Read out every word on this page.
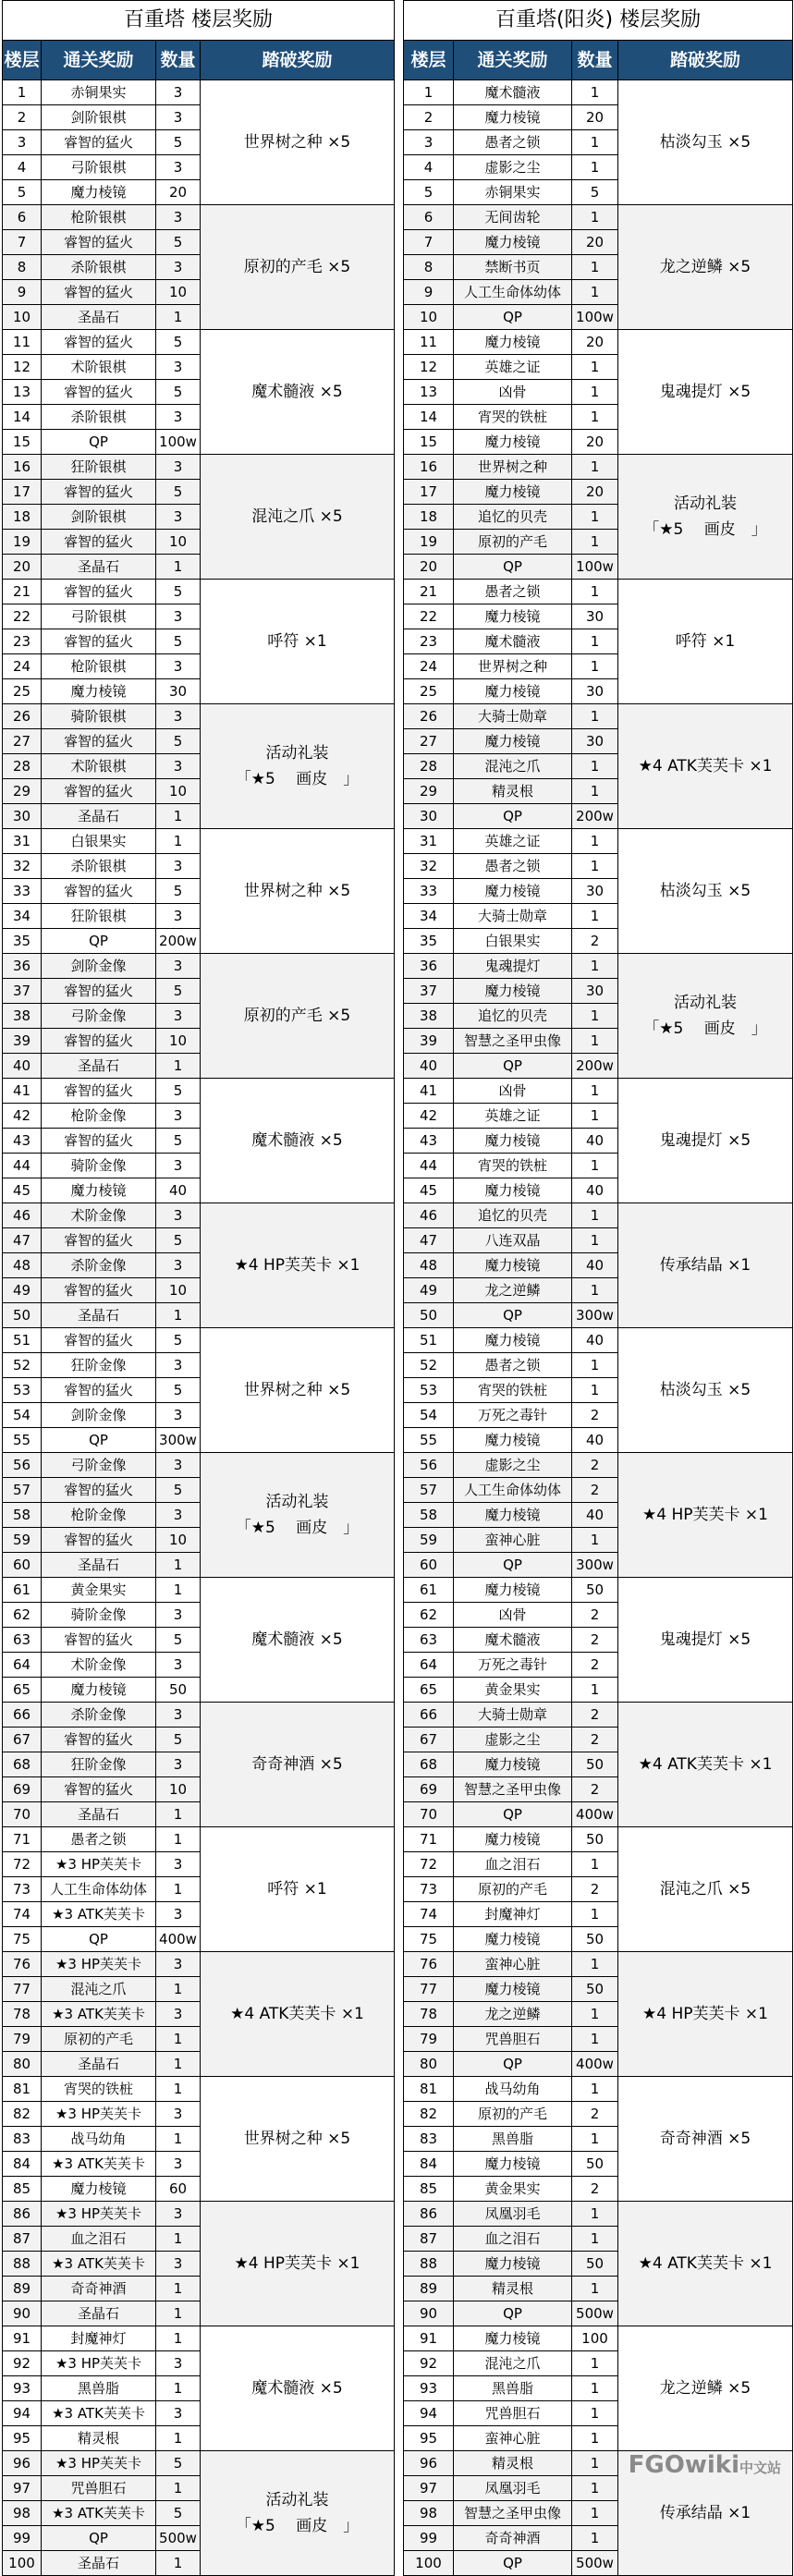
百重塔 楼层奖励			
楼层	通关奖励	数量	踏破奖励
1	赤铜果实	3	世界树之种 ×5

2	剑阶银棋	3	
3	睿智的猛火	5	
4	弓阶银棋	3	
5	魔力棱镜	20	
6	枪阶银棋	3	原初的产毛 ×5

7	睿智的猛火	5	
8	杀阶银棋	3	
9	睿智的猛火	10	
10	圣晶石	1	
11	睿智的猛火	5	魔术髓液 ×5

12	术阶银棋	3	
13	睿智的猛火	5	
14	杀阶银棋	3	
15	QP	100w	
16	狂阶银棋	3	混沌之爪 ×5

17	睿智的猛火	5	
18	剑阶银棋	3	
19	睿智的猛火	10	
20	圣晶石	1	
21	睿智的猛火	5	呼符 ×1

22	弓阶银棋	3	
23	睿智的猛火	5	
24	枪阶银棋	3	
25	魔力棱镜	30	
26	骑阶银棋	3	活动礼装
「★5　 画皮　」

27	睿智的猛火	5	
28	术阶银棋	3	
29	睿智的猛火	10	
30	圣晶石	1	
31	白银果实	1	世界树之种 ×5

32	杀阶银棋	3	
33	睿智的猛火	5	
34	狂阶银棋	3	
35	QP	200w	
36	剑阶金像	3	原初的产毛 ×5

37	睿智的猛火	5	
38	弓阶金像	3	
39	睿智的猛火	10	
40	圣晶石	1	
41	睿智的猛火	5	魔术髓液 ×5

42	枪阶金像	3	
43	睿智的猛火	5	
44	骑阶金像	3	
45	魔力棱镜	40	
46	术阶金像	3	★4 HP芙芙卡 ×1

47	睿智的猛火	5	
48	杀阶金像	3	
49	睿智的猛火	10	
50	圣晶石	1	
51	睿智的猛火	5	世界树之种 ×5

52	狂阶金像	3	
53	睿智的猛火	5	
54	剑阶金像	3	
55	QP	300w	
56	弓阶金像	3	活动礼装
「★5　 画皮　」

57	睿智的猛火	5	
58	枪阶金像	3	
59	睿智的猛火	10	
60	圣晶石	1	
61	黄金果实	1	魔术髓液 ×5

62	骑阶金像	3	
63	睿智的猛火	5	
64	术阶金像	3	
65	魔力棱镜	50	
66	杀阶金像	3	奇奇神酒 ×5

67	睿智的猛火	5	
68	狂阶金像	3	
69	睿智的猛火	10	
70	圣晶石	1	
71	愚者之锁	1	呼符 ×1

72	★3 HP芙芙卡	3	
73	人工生命体幼体	1	
74	★3 ATK芙芙卡	3	
75	QP	400w	
76	★3 HP芙芙卡	3	★4 ATK芙芙卡 ×1

77	混沌之爪	1	
78	★3 ATK芙芙卡	3	
79	原初的产毛	1	
80	圣晶石	1	
81	宵哭的铁桩	1	世界树之种 ×5

82	★3 HP芙芙卡	3	
83	战马幼角	1	
84	★3 ATK芙芙卡	3	
85	魔力棱镜	60	
86	★3 HP芙芙卡	3	★4 HP芙芙卡 ×1

87	血之泪石	1	
88	★3 ATK芙芙卡	3	
89	奇奇神酒	1	
90	圣晶石	1	
91	封魔神灯	1	魔术髓液 ×5

92	★3 HP芙芙卡	3	
93	黑兽脂	1	
94	★3 ATK芙芙卡	3	
95	精灵根	1	
96	★3 HP芙芙卡	5	活动礼装
「★5　 画皮　」

97	咒兽胆石	1	
98	★3 ATK芙芙卡	5	
99	QP	500w	
100	圣晶石	1	
百重塔(阳炎) 楼层奖励			
楼层	通关奖励	数量	踏破奖励
1	魔术髓液	1	枯淡勾玉 ×5

2	魔力棱镜	20	
3	愚者之锁	1	
4	虚影之尘	1	
5	赤铜果实	5	
6	无间齿轮	1	龙之逆鳞 ×5

7	魔力棱镜	20	
8	禁断书页	1	
9	人工生命体幼体	1	
10	QP	100w	
11	魔力棱镜	20	鬼魂提灯 ×5

12	英雄之证	1	
13	凶骨	1	
14	宵哭的铁桩	1	
15	魔力棱镜	20	
16	世界树之种	1	活动礼装
「★5　 画皮　」

17	魔力棱镜	20	
18	追忆的贝壳	1	
19	原初的产毛	1	
20	QP	100w	
21	愚者之锁	1	呼符 ×1

22	魔力棱镜	30	
23	魔术髓液	1	
24	世界树之种	1	
25	魔力棱镜	30	
26	大骑士勋章	1	★4 ATK芙芙卡 ×1

27	魔力棱镜	30	
28	混沌之爪	1	
29	精灵根	1	
30	QP	200w	
31	英雄之证	1	枯淡勾玉 ×5

32	愚者之锁	1	
33	魔力棱镜	30	
34	大骑士勋章	1	
35	白银果实	2	
36	鬼魂提灯	1	活动礼装
「★5　 画皮　」

37	魔力棱镜	30	
38	追忆的贝壳	1	
39	智慧之圣甲虫像	1	
40	QP	200w	
41	凶骨	1	鬼魂提灯 ×5

42	英雄之证	1	
43	魔力棱镜	40	
44	宵哭的铁桩	1	
45	魔力棱镜	40	
46	追忆的贝壳	1	传承结晶 ×1

47	八连双晶	1	
48	魔力棱镜	40	
49	龙之逆鳞	1	
50	QP	300w	
51	魔力棱镜	40	枯淡勾玉 ×5

52	愚者之锁	1	
53	宵哭的铁桩	1	
54	万死之毒针	2	
55	魔力棱镜	40	
56	虚影之尘	2	★4 HP芙芙卡 ×1

57	人工生命体幼体	2	
58	魔力棱镜	40	
59	蛮神心脏	1	
60	QP	300w	
61	魔力棱镜	50	鬼魂提灯 ×5

62	凶骨	2	
63	魔术髓液	2	
64	万死之毒针	2	
65	黄金果实	1	
66	大骑士勋章	2	★4 ATK芙芙卡 ×1

67	虚影之尘	2	
68	魔力棱镜	50	
69	智慧之圣甲虫像	2	
70	QP	400w	
71	魔力棱镜	50	混沌之爪 ×5

72	血之泪石	1	
73	原初的产毛	2	
74	封魔神灯	1	
75	魔力棱镜	50	
76	蛮神心脏	1	★4 HP芙芙卡 ×1

77	魔力棱镜	50	
78	龙之逆鳞	1	
79	咒兽胆石	1	
80	QP	400w	
81	战马幼角	1	奇奇神酒 ×5

82	原初的产毛	2	
83	黑兽脂	1	
84	魔力棱镜	50	
85	黄金果实	2	
86	凤凰羽毛	1	★4 ATK芙芙卡 ×1

87	血之泪石	1	
88	魔力棱镜	50	
89	精灵根	1	
90	QP	500w	
91	魔力棱镜	100	龙之逆鳞 ×5

92	混沌之爪	1	
93	黑兽脂	1	
94	咒兽胆石	1	
95	蛮神心脏	1	
96	精灵根	1	传承结晶 ×1

97	凤凰羽毛	1	
98	智慧之圣甲虫像	1	
99	奇奇神酒	1	
100	QP	500w	
FGOwiki中文站
